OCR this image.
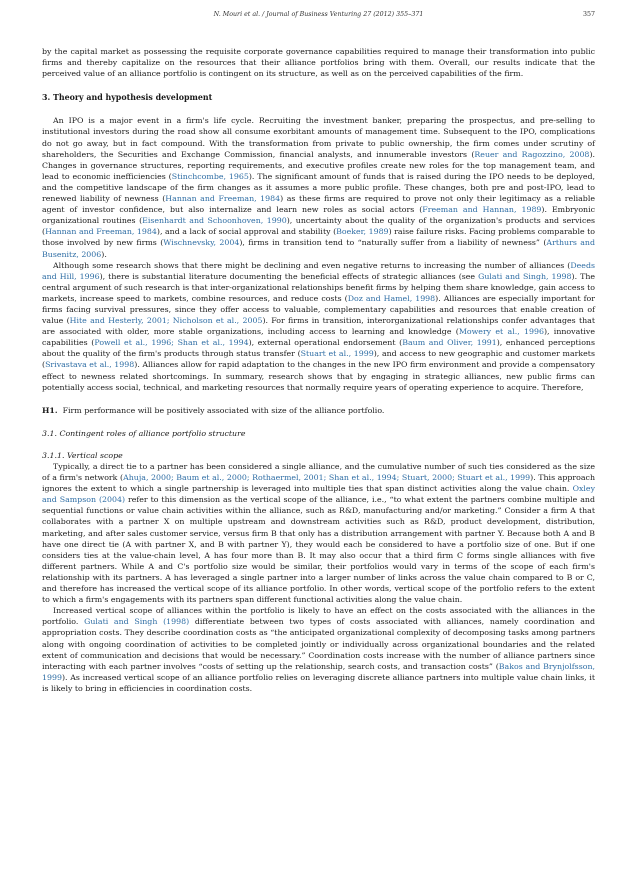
N. Mouri et al. / Journal of Business Venturing 27 (2012) 355–371	357

by the capital market as possessing the requisite corporate governance capabilities required to manage their transformation into public firms and thereby capitalize on the resources that their alliance portfolios bring with them. Overall, our results indicate that the perceived value of an alliance portfolio is contingent on its structure, as well as on the perceived capabilities of the firm.

3. Theory and hypothesis development

An IPO is a major event in a firm's life cycle. Recruiting the investment banker, preparing the prospectus, and pre-selling to institutional investors during the road show all consume exorbitant amounts of management time. Subsequent to the IPO, complications do not go away, but in fact compound. With the transformation from private to public ownership, the firm comes under scrutiny of shareholders, the Securities and Exchange Commission, financial analysts, and innumerable investors (Reuer and Ragozzino, 2008). Changes in governance structures, reporting requirements, and executive profiles create new roles for the top management team, and lead to economic inefficiencies (Stinchcombe, 1965). The significant amount of funds that is raised during the IPO needs to be deployed, and the competitive landscape of the firm changes as it assumes a more public profile. These changes, both pre and post-IPO, lead to renewed liability of newness (Hannan and Freeman, 1984) as these firms are required to prove not only their legitimacy as a reliable agent of investor confidence, but also internalize and learn new roles as social actors (Freeman and Hannan, 1989). Embryonic organizational routines (Eisenhardt and Schoonhoven, 1990), uncertainty about the quality of the organization's products and services (Hannan and Freeman, 1984), and a lack of social approval and stability (Boeker, 1989) raise failure risks. Facing problems comparable to those involved by new firms (Wischnevsky, 2004), firms in transition tend to “naturally suffer from a liability of newness” (Arthurs and Busenitz, 2006).

Although some research shows that there might be declining and even negative returns to increasing the number of alliances (Deeds and Hill, 1996), there is substantial literature documenting the beneficial effects of strategic alliances (see Gulati and Singh, 1998). The central argument of such research is that inter-organizational relationships benefit firms by helping them share knowledge, gain access to markets, increase speed to markets, combine resources, and reduce costs (Doz and Hamel, 1998). Alliances are especially important for firms facing survival pressures, since they offer access to valuable, complementary capabilities and resources that enable creation of value (Hite and Hesterly, 2001; Nicholson et al., 2005). For firms in transition, interorganizational relationships confer advantages that are associated with older, more stable organizations, including access to learning and knowledge (Mowery et al., 1996), innovative capabilities (Powell et al., 1996; Shan et al., 1994), external operational endorsement (Baum and Oliver, 1991), enhanced perceptions about the quality of the firm's products through status transfer (Stuart et al., 1999), and access to new geographic and customer markets (Srivastava et al., 1998). Alliances allow for rapid adaptation to the changes in the new IPO firm environment and provide a compensatory effect to newness related shortcomings. In summary, research shows that by engaging in strategic alliances, new public firms can potentially access social, technical, and marketing resources that normally require years of operating experience to acquire. Therefore,

H1. Firm performance will be positively associated with size of the alliance portfolio.

3.1. Contingent roles of alliance portfolio structure
3.1.1. Vertical scope

Typically, a direct tie to a partner has been considered a single alliance, and the cumulative number of such ties considered as the size of a firm's network (Ahuja, 2000; Baum et al., 2000; Rothaermel, 2001; Shan et al., 1994; Stuart, 2000; Stuart et al., 1999). This approach ignores the extent to which a single partnership is leveraged into multiple ties that span distinct activities along the value chain. Oxley and Sampson (2004) refer to this dimension as the vertical scope of the alliance, i.e., “to what extent the partners combine multiple and sequential functions or value chain activities within the alliance, such as R&D, manufacturing and/or marketing.” Consider a firm A that collaborates with a partner X on multiple upstream and downstream activities such as R&D, product development, distribution, marketing, and after sales customer service, versus firm B that only has a distribution arrangement with partner Y. Because both A and B have one direct tie (A with partner X, and B with partner Y), they would each be considered to have a portfolio size of one. But if one considers ties at the value-chain level, A has four more than B. It may also occur that a third firm C forms single alliances with five different partners. While A and C's portfolio size would be similar, their portfolios would vary in terms of the scope of each firm's relationship with its partners. A has leveraged a single partner into a larger number of links across the value chain compared to B or C, and therefore has increased the vertical scope of its alliance portfolio. In other words, vertical scope of the portfolio refers to the extent to which a firm's engagements with its partners span different functional activities along the value chain.

Increased vertical scope of alliances within the portfolio is likely to have an effect on the costs associated with the alliances in the portfolio. Gulati and Singh (1998) differentiate between two types of costs associated with alliances, namely coordination and appropriation costs. They describe coordination costs as “the anticipated organizational complexity of decomposing tasks among partners along with ongoing coordination of activities to be completed jointly or individually across organizational boundaries and the related extent of communication and decisions that would be necessary.” Coordination costs increase with the number of alliance partners since interacting with each partner involves “costs of setting up the relationship, search costs, and transaction costs” (Bakos and Brynjolfsson, 1999). As increased vertical scope of an alliance portfolio relies on leveraging discrete alliance partners into multiple value chain links, it is likely to bring in efficiencies in coordination costs.
